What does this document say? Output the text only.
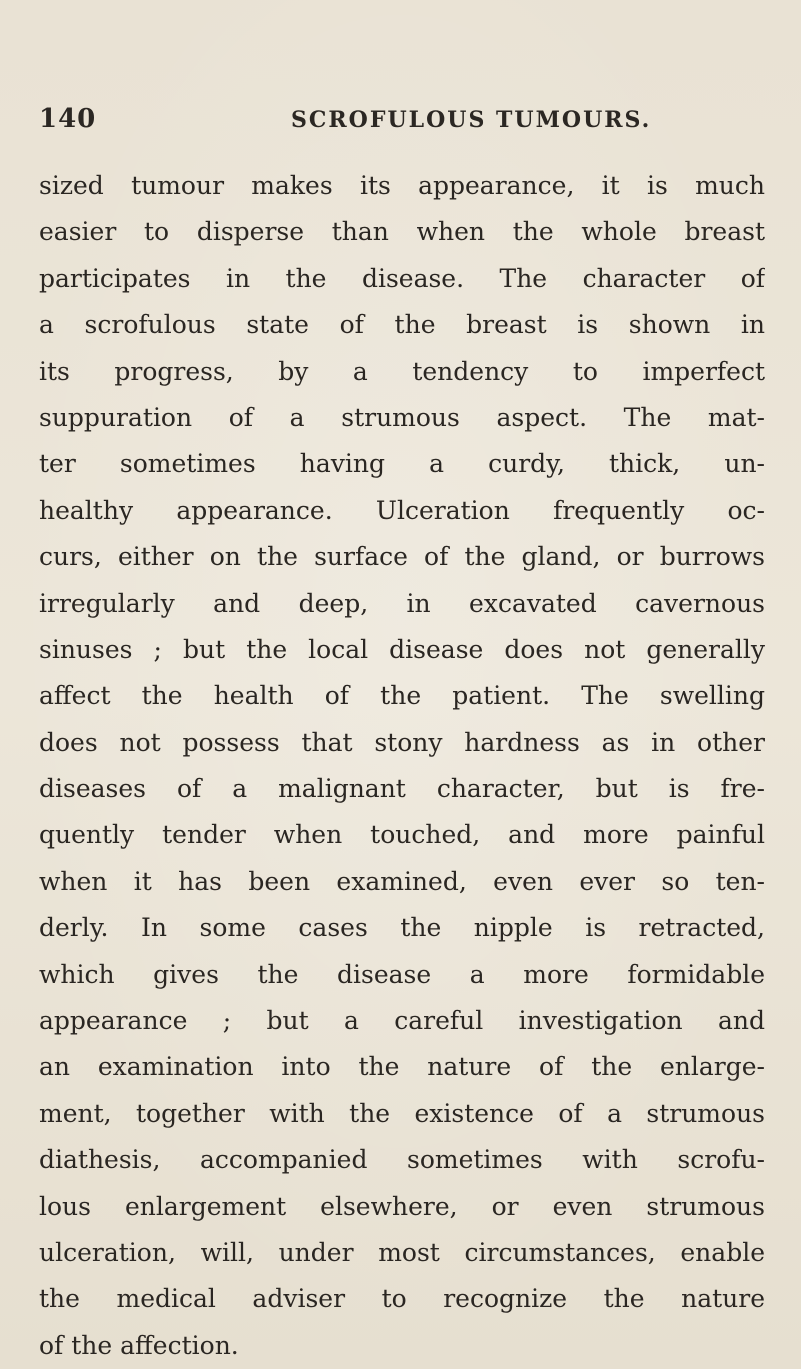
140	SCROFULOUS TUMOURS.
sized tumour makes its appearance, it is much
easier to disperse than when the whole breast
participates in the disease. The character of
a scrofulous state of the breast is shown in
its progress, by a tendency to imperfect
suppuration of a strumous aspect. The mat-
ter sometimes having a curdy, thick, un-
healthy appearance. Ulceration frequently oc-
curs, either on the surface of the gland, or burrows
irregularly and deep, in excavated cavernous
sinuses ; but the local disease does not generally
affect the health of the patient. The swelling
does not possess that stony hardness as in other
diseases of a malignant character, but is fre-
quently tender when touched, and more painful
when it has been examined, even ever so ten-
derly. In some cases the nipple is retracted,
which gives the disease a more formidable
appearance ; but a careful investigation and
an examination into the nature of the enlarge-
ment, together with the existence of a strumous
diathesis, accompanied sometimes with scrofu-
lous enlargement elsewhere, or even strumous
ulceration, will, under most circumstances, enable
the medical adviser to recognize the nature
of the affection.
